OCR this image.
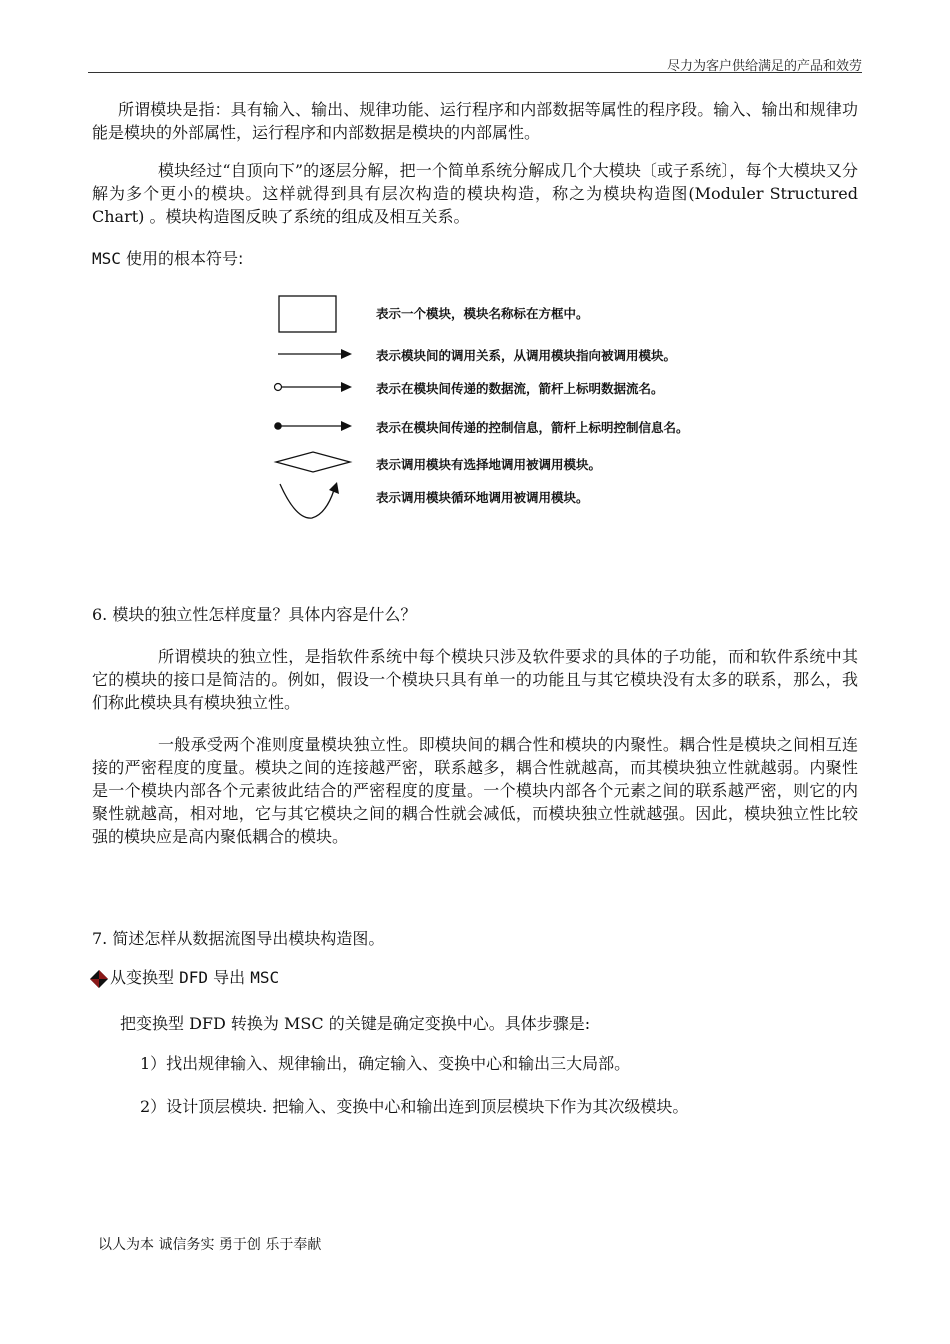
尽力为客户供给满足的产品和效劳

所谓模块是指：具有输入、输出、规律功能、运行程序和内部数据等属性的程序段。输入、输出和规律功能是模块的外部属性，运行程序和内部数据是模块的内部属性。

模块经过“自顶向下”的逐层分解，把一个简单系统分解成几个大模块〔或子系统〕，每个大模块又分解为多个更小的模块。这样就得到具有层次构造的模块构造，称之为模块构造图(Moduler Structured Chart) 。模块构造图反映了系统的组成及相互关系。

MSC 使用的根本符号:
表示一个模块，模块名称标在方框中。
表示模块间的调用关系，从调用模块指向被调用模块。
表示在模块间传递的数据流，箭杆上标明数据流名。
表示在模块间传递的控制信息，箭杆上标明控制信息名。
表示调用模块有选择地调用被调用模块。
表示调用模块循环地调用被调用模块。
6. 模块的独立性怎样度量？具体内容是什么？

所谓模块的独立性，是指软件系统中每个模块只涉及软件要求的具体的子功能，而和软件系统中其它的模块的接口是简洁的。例如，假设一个模块只具有单一的功能且与其它模块没有太多的联系，那么，我们称此模块具有模块独立性。

一般承受两个准则度量模块独立性。即模块间的耦合性和模块的内聚性。耦合性是模块之间相互连接的严密程度的度量。模块之间的连接越严密，联系越多，耦合性就越高，而其模块独立性就越弱。内聚性是一个模块内部各个元素彼此结合的严密程度的度量。一个模块内部各个元素之间的联系越严密，则它的内聚性就越高，相对地，它与其它模块之间的耦合性就会减低，而模块独立性就越强。因此，模块独立性比较强的模块应是高内聚低耦合的模块。

7. 简述怎样从数据流图导出模块构造图。
从变换型 DFD 导出 MSC
把变换型 DFD 转换为 MSC 的关键是确定变换中心。具体步骤是:
1）找出规律输入、规律输出，确定输入、变换中心和输出三大局部。
2）设计顶层模块. 把输入、变换中心和输出连到顶层模块下作为其次级模块。
以人为本 诚信务实 勇于创 乐于奉献
